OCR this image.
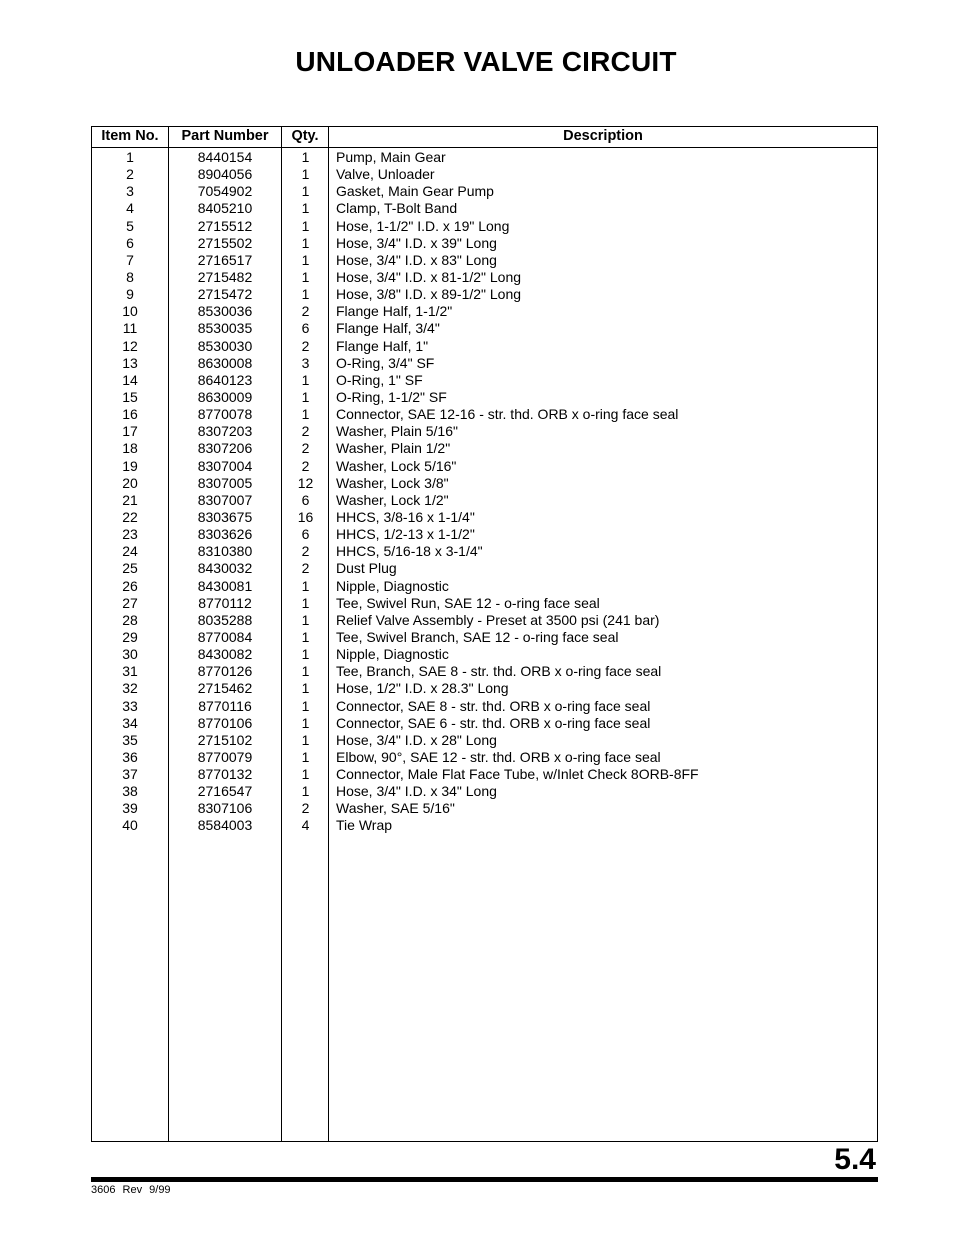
UNLOADER VALVE CIRCUIT
Item No.	Part Number	Qty.	Description
1	8440154	1	Pump, Main Gear
2	8904056	1	Valve, Unloader
3	7054902	1	Gasket, Main Gear Pump
4	8405210	1	Clamp, T-Bolt Band
5	2715512	1	Hose, 1-1/2" I.D. x 19" Long
6	2715502	1	Hose, 3/4" I.D. x 39" Long
7	2716517	1	Hose, 3/4" I.D. x 83" Long
8	2715482	1	Hose, 3/4" I.D. x 81-1/2" Long
9	2715472	1	Hose, 3/8" I.D. x 89-1/2" Long
10	8530036	2	Flange Half, 1-1/2"
11	8530035	6	Flange Half, 3/4"
12	8530030	2	Flange Half, 1"
13	8630008	3	O-Ring, 3/4" SF
14	8640123	1	O-Ring, 1" SF
15	8630009	1	O-Ring, 1-1/2" SF
16	8770078	1	Connector, SAE 12-16 - str. thd. ORB x o-ring face seal
17	8307203	2	Washer, Plain 5/16"
18	8307206	2	Washer, Plain 1/2"
19	8307004	2	Washer, Lock 5/16"
20	8307005	12	Washer, Lock 3/8"
21	8307007	6	Washer, Lock 1/2"
22	8303675	16	HHCS, 3/8-16 x 1-1/4"
23	8303626	6	HHCS, 1/2-13 x 1-1/2"
24	8310380	2	HHCS, 5/16-18 x 3-1/4"
25	8430032	2	Dust Plug
26	8430081	1	Nipple, Diagnostic
27	8770112	1	Tee, Swivel Run, SAE 12 - o-ring face seal
28	8035288	1	Relief Valve Assembly - Preset at 3500 psi (241 bar)
29	8770084	1	Tee, Swivel Branch, SAE 12 - o-ring face seal
30	8430082	1	Nipple, Diagnostic
31	8770126	1	Tee, Branch, SAE 8 - str. thd. ORB x o-ring face seal
32	2715462	1	Hose, 1/2" I.D. x 28.3" Long
33	8770116	1	Connector, SAE 8 - str. thd. ORB x o-ring face seal
34	8770106	1	Connector, SAE 6 - str. thd. ORB x o-ring face seal
35	2715102	1	Hose, 3/4" I.D. x 28" Long
36	8770079	1	Elbow, 90°, SAE 12 - str. thd. ORB x o-ring face seal
37	8770132	1	Connector, Male Flat Face Tube, w/Inlet Check 8ORB-8FF
38	2716547	1	Hose, 3/4" I.D. x 34" Long
39	8307106	2	Washer, SAE 5/16"
40	8584003	4	Tie Wrap
5.4
3606 Rev 9/99
